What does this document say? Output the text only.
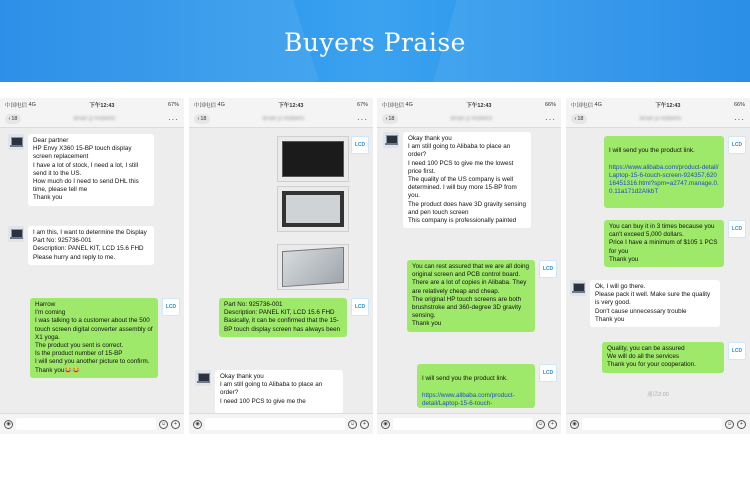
Buyers Praise
中国电信
4G	下午12:43	67%
‹ 18	Brian p Roberts	···
Dear partner
HP Envy X360 15-BP touch display screen replacement
I have a lot of stock, I need a lot, I still send it to the US.
How much do I need to send DHL this time, please tell me
Thank you
I am this, I want to determine the Display
Part No: 925736-001
Description: PANEL KIT, LCD 15.6 FHD
Please hurry and reply to me.
LCD
Harrow
I'm coming
I was talking to a customer about the 500 touch screen digital converter assembly of X1 yoga.
The product you sent is correct.
Is the product number of 15-BP
I will send you another picture to confirm.
Thank you😂😂
◉	☺	+
中国电信
4G	下午12:43	67%
‹ 18	Brian p Roberts	···
LCD
LCD
Part No: 925736-001
Description: PANEL KIT, LCD 15.6 FHD
Basically, it can be confirmed that the 15-BP touch display screen has always been
Okay thank you
I am still going to Alibaba to place an order?
I need 100 PCS to give me the
◉	☺	+
中国电信
4G	下午12:43	66%
‹ 18	Brian p Roberts	···
Okay thank you
I am still going to Alibaba to place an order?
I need 100 PCS to give me the lowest price first.
The quality of the US company is well determined. I will buy more 15-BP from you.
The product does have 3D gravity sensing and pen touch screen
This company is professionally painted
LCD
You can rest assured that we are all doing original screen and PCB control board.
There are a lot of copies in Alibaba. They are relatively cheap and cheap.
The original HP touch screens are both brushstroke and 360-degree 3D gravity sensing.
Thank you
LCD

I will send you the product link.

https://www.alibaba.com/product-detail/Laptop-15-6-touch-

◉	☺	+
中国电信
4G	下午12:43	66%
‹ 18	Brian p Roberts	···
LCD

I will send you the product link.

https://www.alibaba.com/product-detail/Laptop-15-6-touch-screen-924357,62016451316.html?spm=a2747.manage.0.0.11a171d2AIkbT

LCD
You can buy it in 3 times because you can't exceed 5,000 dollars.
Price I have a minimum of $105 1 PCS for you
Thank you
Ok, I will go there.
Please pack it well. Make sure the quality is very good.
Don't cause unnecessary trouble
Thank you
LCD
Quality, you can be assured
We will do all the services
Thank you for your cooperation.
通话2:00
◉	☺	+
